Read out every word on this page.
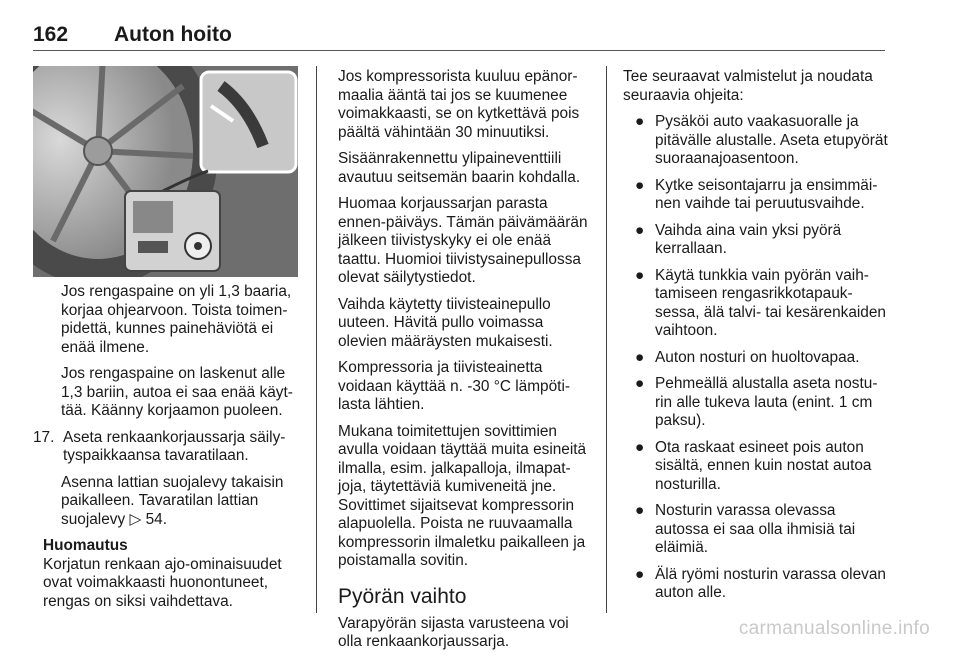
162 Auton hoito

Jos rengaspaine on yli 1,3 baaria, korjaa ohjearvoon. Toista toimenpidettä, kunnes painehäviötä ei enää ilmene.

Jos rengaspaine on laskenut alle 1,3 bariin, autoa ei saa enää käyttää. Käänny korjaamon puoleen.

17. Aseta renkaankorjaussarja säilytyspaikkaansa tavaratilaan.

Asenna lattian suojalevy takaisin paikalleen. Tavaratilan lattian suojalevy ▷ 54.

Huomautus
Korjatun renkaan ajo-ominaisuudet ovat voimakkaasti huonontuneet, rengas on siksi vaihdettava.

Jos kompressorista kuuluu epänormaalia ääntä tai jos se kuumenee voimakkaasti, se on kytkettävä pois päältä vähintään 30 minuutiksi.

Sisäänrakennettu ylipaineventtiili avautuu seitsemän baarin kohdalla.

Huomaa korjaussarjan parasta ennen-päiväys. Tämän päivämäärän jälkeen tiivistyskyky ei ole enää taattu. Huomioi tiivistysainepullossa olevat säilytystiedot.

Vaihda käytetty tiivisteainepullo uuteen. Hävitä pullo voimassa olevien määräysten mukaisesti.

Kompressoria ja tiivisteainetta voidaan käyttää n. -30 °C lämpötilasta lähtien.

Mukana toimitettujen sovittimien avulla voidaan täyttää muita esineitä ilmalla, esim. jalkapalloja, ilmapatjoja, täytettäviä kumiveneitä jne. Sovittimet sijaitsevat kompressorin alapuolella. Poista ne ruuvaamalla kompressorin ilmaletku paikalleen ja poistamalla sovitin.

Pyörän vaihto

Varapyörän sijasta varusteena voi olla renkaankorjaussarja.

Tee seuraavat valmistelut ja noudata seuraavia ohjeita:

● Pysäköi auto vaakasuoralle ja pitävälle alustalle. Aseta etupyörät suoraanajoasentoon.
● Kytke seisontajarru ja ensimmäinen vaihde tai peruutusvaihde.
● Vaihda aina vain yksi pyörä kerrallaan.
● Käytä tunkkia vain pyörän vaihtamiseen rengasrikkotapauksessa, älä talvi- tai kesärenkaiden vaihtoon.
● Auton nosturi on huoltovapaa.
● Pehmeällä alustalla aseta nosturin alle tukeva lauta (enint. 1 cm paksu).
● Ota raskaat esineet pois auton sisältä, ennen kuin nostat autoa nosturilla.
● Nosturin varassa olevassa autossa ei saa olla ihmisiä tai eläimiä.
● Älä ryömi nosturin varassa olevan auton alle.
carmanualsonline.info
